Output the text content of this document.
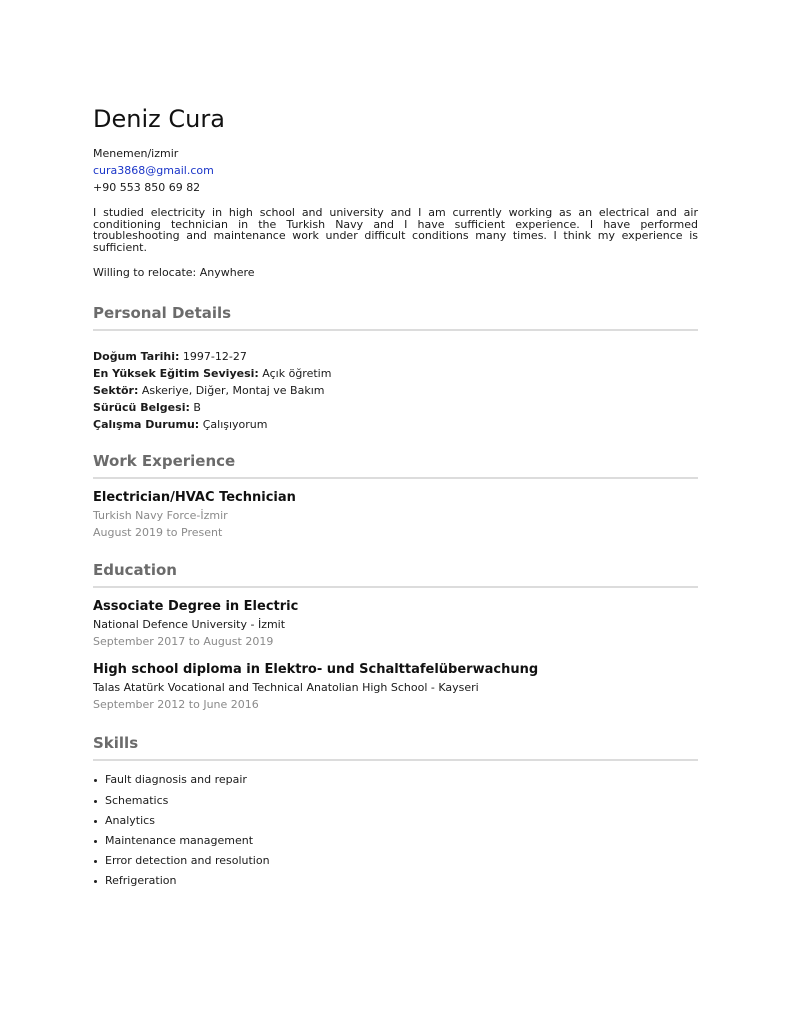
Deniz Cura
Menemen/izmir
cura3868@gmail.com
+90 553 850 69 82
I studied electricity in high school and university and I am currently working as an electrical and air conditioning technician in the Turkish Navy and I have sufficient experience. I have performed troubleshooting and maintenance work under difficult conditions many times. I think my experience is sufficient.
Willing to relocate: Anywhere
Personal Details
Doğum Tarihi: 1997-12-27
En Yüksek Eğitim Seviyesi: Açık öğretim
Sektör: Askeriye, Diğer, Montaj ve Bakım
Sürücü Belgesi: B
Çalışma Durumu: Çalışıyorum
Work Experience
Electrician/HVAC Technician
Turkish Navy Force-İzmir
August 2019 to Present
Education
Associate Degree in Electric
National Defence University - İzmit
September 2017 to August 2019
High school diploma in Elektro- und Schalttafelüberwachung
Talas Atatürk Vocational and Technical Anatolian High School - Kayseri
September 2012 to June 2016
Skills
Fault diagnosis and repair
Schematics
Analytics
Maintenance management
Error detection and resolution
Refrigeration
